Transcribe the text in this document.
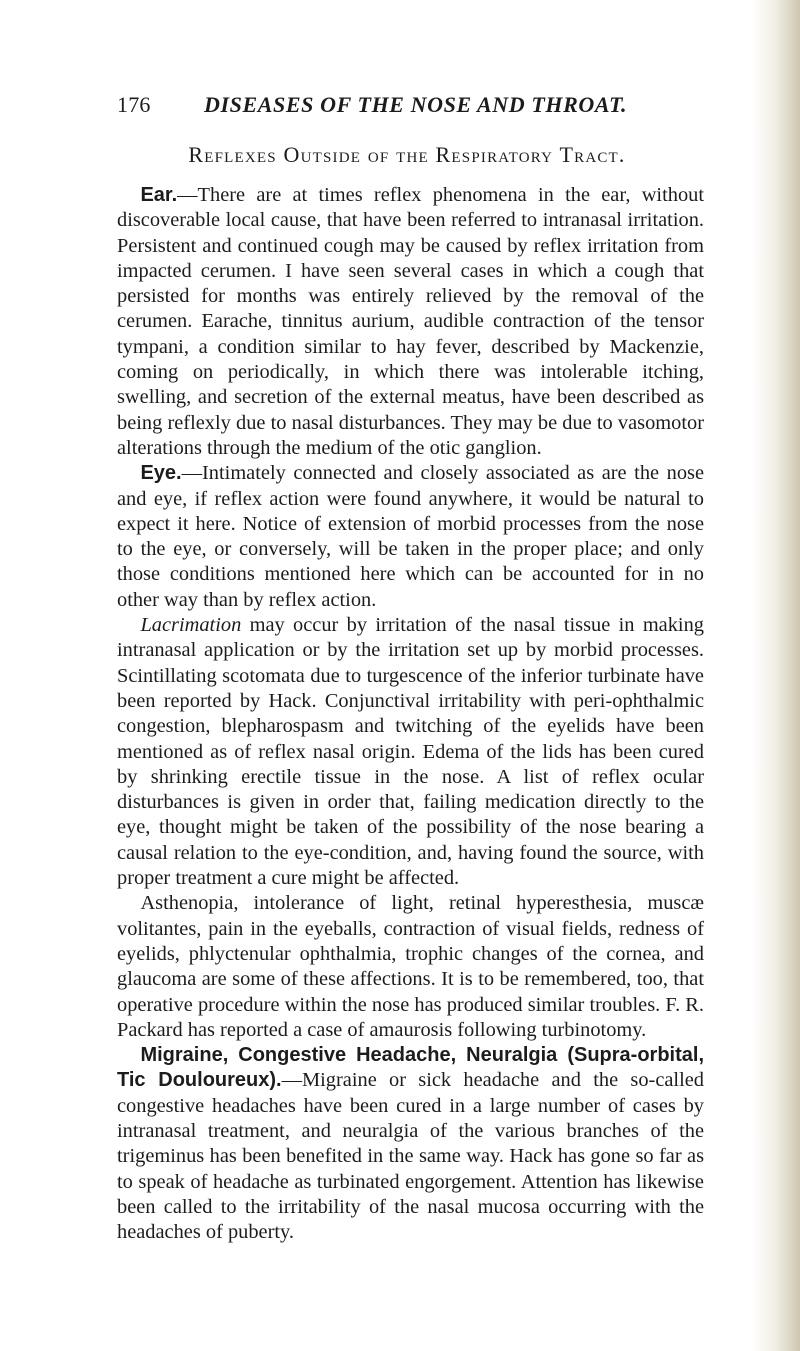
176 DISEASES OF THE NOSE AND THROAT.
Reflexes Outside of the Respiratory Tract.

Ear.—There are at times reflex phenomena in the ear, without discoverable local cause, that have been referred to intranasal irritation. Persistent and continued cough may be caused by reflex irritation from impacted cerumen. I have seen several cases in which a cough that persisted for months was entirely relieved by the removal of the cerumen. Earache, tinnitus aurium, audible contraction of the tensor tympani, a condition similar to hay fever, described by Mackenzie, coming on periodically, in which there was intolerable itching, swelling, and secretion of the external meatus, have been described as being reflexly due to nasal disturbances. They may be due to vasomotor alterations through the medium of the otic ganglion.

Eye.—Intimately connected and closely associated as are the nose and eye, if reflex action were found anywhere, it would be natural to expect it here. Notice of extension of morbid processes from the nose to the eye, or conversely, will be taken in the proper place; and only those conditions mentioned here which can be accounted for in no other way than by reflex action.

Lacrimation may occur by irritation of the nasal tissue in making intranasal application or by the irritation set up by morbid processes. Scintillating scotomata due to turgescence of the inferior turbinate have been reported by Hack. Conjunctival irritability with peri-ophthalmic congestion, blepharospasm and twitching of the eyelids have been mentioned as of reflex nasal origin. Edema of the lids has been cured by shrinking erectile tissue in the nose. A list of reflex ocular disturbances is given in order that, failing medication directly to the eye, thought might be taken of the possibility of the nose bearing a causal relation to the eye-condition, and, having found the source, with proper treatment a cure might be affected.

Asthenopia, intolerance of light, retinal hyperesthesia, muscæ volitantes, pain in the eyeballs, contraction of visual fields, redness of eyelids, phlyctenular ophthalmia, trophic changes of the cornea, and glaucoma are some of these affections. It is to be remembered, too, that operative procedure within the nose has produced similar troubles. F. R. Packard has reported a case of amaurosis following turbinotomy.

Migraine, Congestive Headache, Neuralgia (Supra-orbital, Tic Douloureux).—Migraine or sick headache and the so-called congestive headaches have been cured in a large number of cases by intranasal treatment, and neuralgia of the various branches of the trigeminus has been benefited in the same way. Hack has gone so far as to speak of headache as turbinated engorgement. Attention has likewise been called to the irritability of the nasal mucosa occurring with the headaches of puberty.
